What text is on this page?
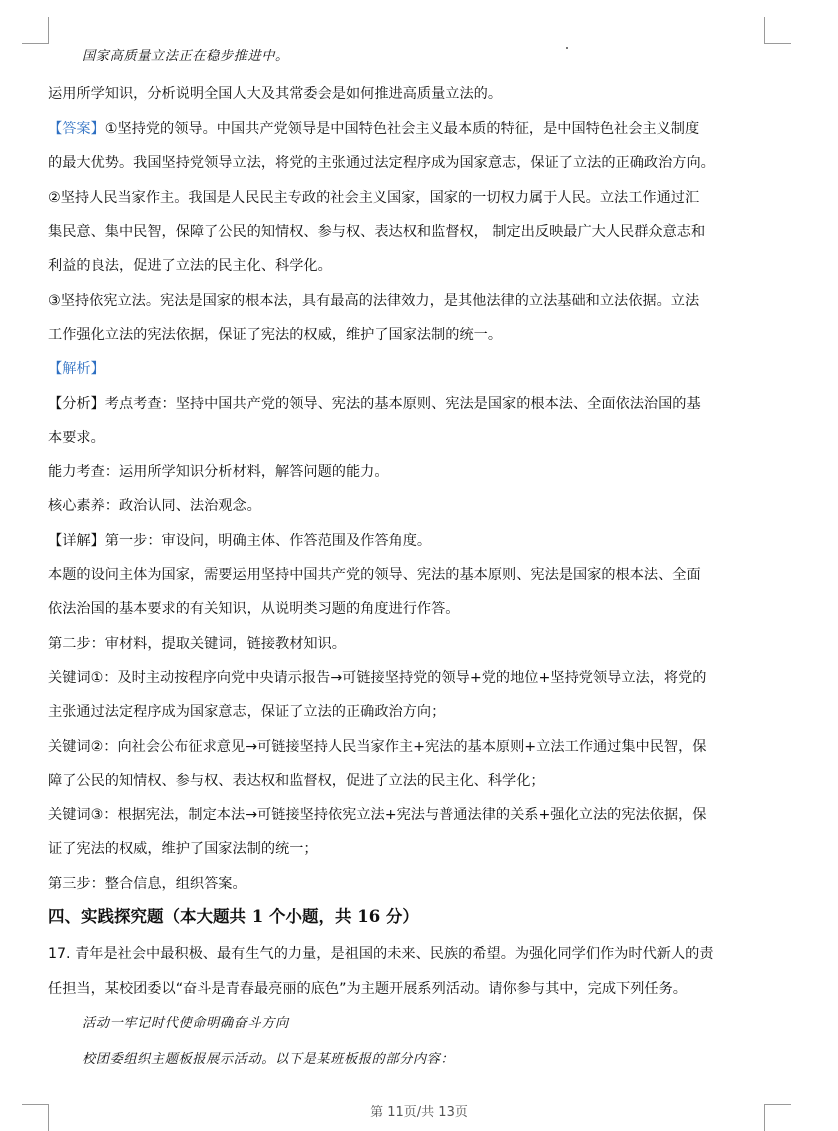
国家高质量立法正在稳步推进中。
运用所学知识，分析说明全国人大及其常委会是如何推进高质量立法的。
【答案】①坚持党的领导。中国共产党领导是中国特色社会主义最本质的特征，是中国特色社会主义制度
的最大优势。我国坚持党领导立法，将党的主张通过法定程序成为国家意志，保证了立法的正确政治方向。
②坚持人民当家作主。我国是人民民主专政的社会主义国家，国家的一切权力属于人民。立法工作通过汇
集民意、集中民智，保障了公民的知情权、参与权、表达权和监督权， 制定出反映最广大人民群众意志和
利益的良法，促进了立法的民主化、科学化。
③坚持依宪立法。宪法是国家的根本法，具有最高的法律效力，是其他法律的立法基础和立法依据。立法
工作强化立法的宪法依据，保证了宪法的权威，维护了国家法制的统一。
【解析】
【分析】考点考查：坚持中国共产党的领导、宪法的基本原则、宪法是国家的根本法、全面依法治国的基
本要求。
能力考查：运用所学知识分析材料，解答问题的能力。
核心素养：政治认同、法治观念。
【详解】第一步：审设问，明确主体、作答范围及作答角度。
本题的设问主体为国家，需要运用坚持中国共产党的领导、宪法的基本原则、宪法是国家的根本法、全面
依法治国的基本要求的有关知识，从说明类习题的角度进行作答。
第二步：审材料，提取关键词，链接教材知识。
关键词①：及时主动按程序向党中央请示报告→可链接坚持党的领导+党的地位+坚持党领导立法，将党的
主张通过法定程序成为国家意志，保证了立法的正确政治方向；
关键词②：向社会公布征求意见→可链接坚持人民当家作主+宪法的基本原则+立法工作通过集中民智，保
障了公民的知情权、参与权、表达权和监督权，促进了立法的民主化、科学化；
关键词③：根据宪法，制定本法→可链接坚持依宪立法+宪法与普通法律的关系+强化立法的宪法依据，保
证了宪法的权威，维护了国家法制的统一；
第三步：整合信息，组织答案。
四、实践探究题（本大题共 1 个小题，共 16 分）
17. 青年是社会中最积极、最有生气的力量，是祖国的未来、民族的希望。为强化同学们作为时代新人的责
任担当，某校团委以“奋斗是青春最亮丽的底色”为主题开展系列活动。请你参与其中，完成下列任务。
活动一牢记时代使命明确奋斗方向
校团委组织主题板报展示活动。以下是某班板报的部分内容：
第 11页/共 13页
